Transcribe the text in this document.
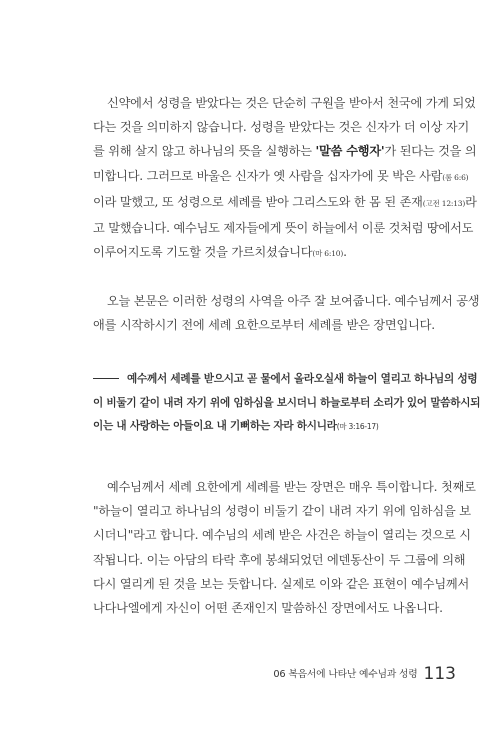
신약에서 성령을 받았다는 것은 단순히 구원을 받아서 천국에 가게 되었
다는 것을 의미하지 않습니다. 성령을 받았다는 것은 신자가 더 이상 자기
를 위해 살지 않고 하나님의 뜻을 실행하는 '말씀 수행자'가 된다는 것을 의
미합니다. 그러므로 바울은 신자가 옛 사람을 십자가에 못 박은 사람(롬 6:6)
이라 말했고, 또 성령으로 세례를 받아 그리스도와 한 몸 된 존재(고전 12:13)라
고 말했습니다. 예수님도 제자들에게 뜻이 하늘에서 이룬 것처럼 땅에서도
이루어지도록 기도할 것을 가르치셨습니다(마 6:10).
오늘 본문은 이러한 성령의 사역을 아주 잘 보여줍니다. 예수님께서 공생
애를 시작하시기 전에 세례 요한으로부터 세례를 받은 장면입니다.
예수께서 세례를 받으시고 곧 물에서 올라오실새 하늘이 열리고 하나님의 성령
이 비둘기 같이 내려 자기 위에 임하심을 보시더니 하늘로부터 소리가 있어 말씀하시되
이는 내 사랑하는 아들이요 내 기뻐하는 자라 하시니라(마 3:16-17)
예수님께서 세례 요한에게 세례를 받는 장면은 매우 특이합니다. 첫째로
"하늘이 열리고 하나님의 성령이 비둘기 같이 내려 자기 위에 임하심을 보
시더니"라고 합니다. 예수님의 세례 받은 사건은 하늘이 열리는 것으로 시
작됩니다. 이는 아담의 타락 후에 봉쇄되었던 에덴동산이 두 그룹에 의해
다시 열리게 된 것을 보는 듯합니다. 실제로 이와 같은 표현이 예수님께서
나다나엘에게 자신이 어떤 존재인지 말씀하신 장면에서도 나옵니다.
06 복음서에 나타난 예수님과 성령 113
